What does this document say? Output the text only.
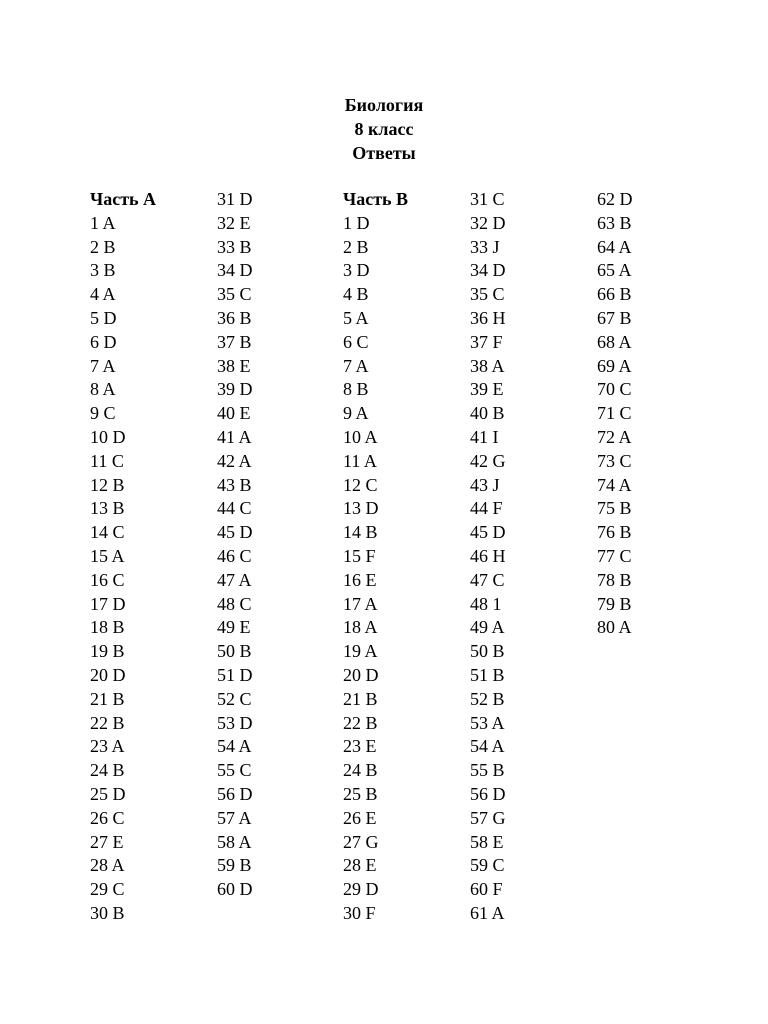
Биология
8 класс
Ответы
Часть A
1 A
2 B
3 B
4 A
5 D
6 D
7 A
8 A
9 C
10 D
11 C
12 B
13 B
14 C
15 A
16 C
17 D
18 B
19 B
20 D
21 B
22 B
23 A
24 B
25 D
26 C
27 E
28 A
29 C
30 B
31 D
32 E
33 B
34 D
35 C
36 B
37 B
38 E
39 D
40 E
41 A
42 A
43 B
44 C
45 D
46 C
47 A
48 C
49 E
50 B
51 D
52 C
53 D
54 A
55 C
56 D
57 A
58 A
59 B
60 D
Часть B
1 D
2 B
3 D
4 B
5 A
6 C
7 A
8 B
9 A
10 A
11 A
12 C
13 D
14 B
15 F
16 E
17 A
18 A
19 A
20 D
21 B
22 B
23 E
24 B
25 B
26 E
27 G
28 E
29 D
30 F
31 C
32 D
33 J
34 D
35 C
36 H
37 F
38 A
39 E
40 B
41 I
42 G
43 J
44 F
45 D
46 H
47 C
48 1
49 A
50 B
51 B
52 B
53 A
54 A
55 B
56 D
57 G
58 E
59 C
60 F
61 A
62 D
63 B
64 A
65 A
66 B
67 B
68 A
69 A
70 C
71 C
72 A
73 C
74 A
75 B
76 B
77 C
78 B
79 B
80 A
